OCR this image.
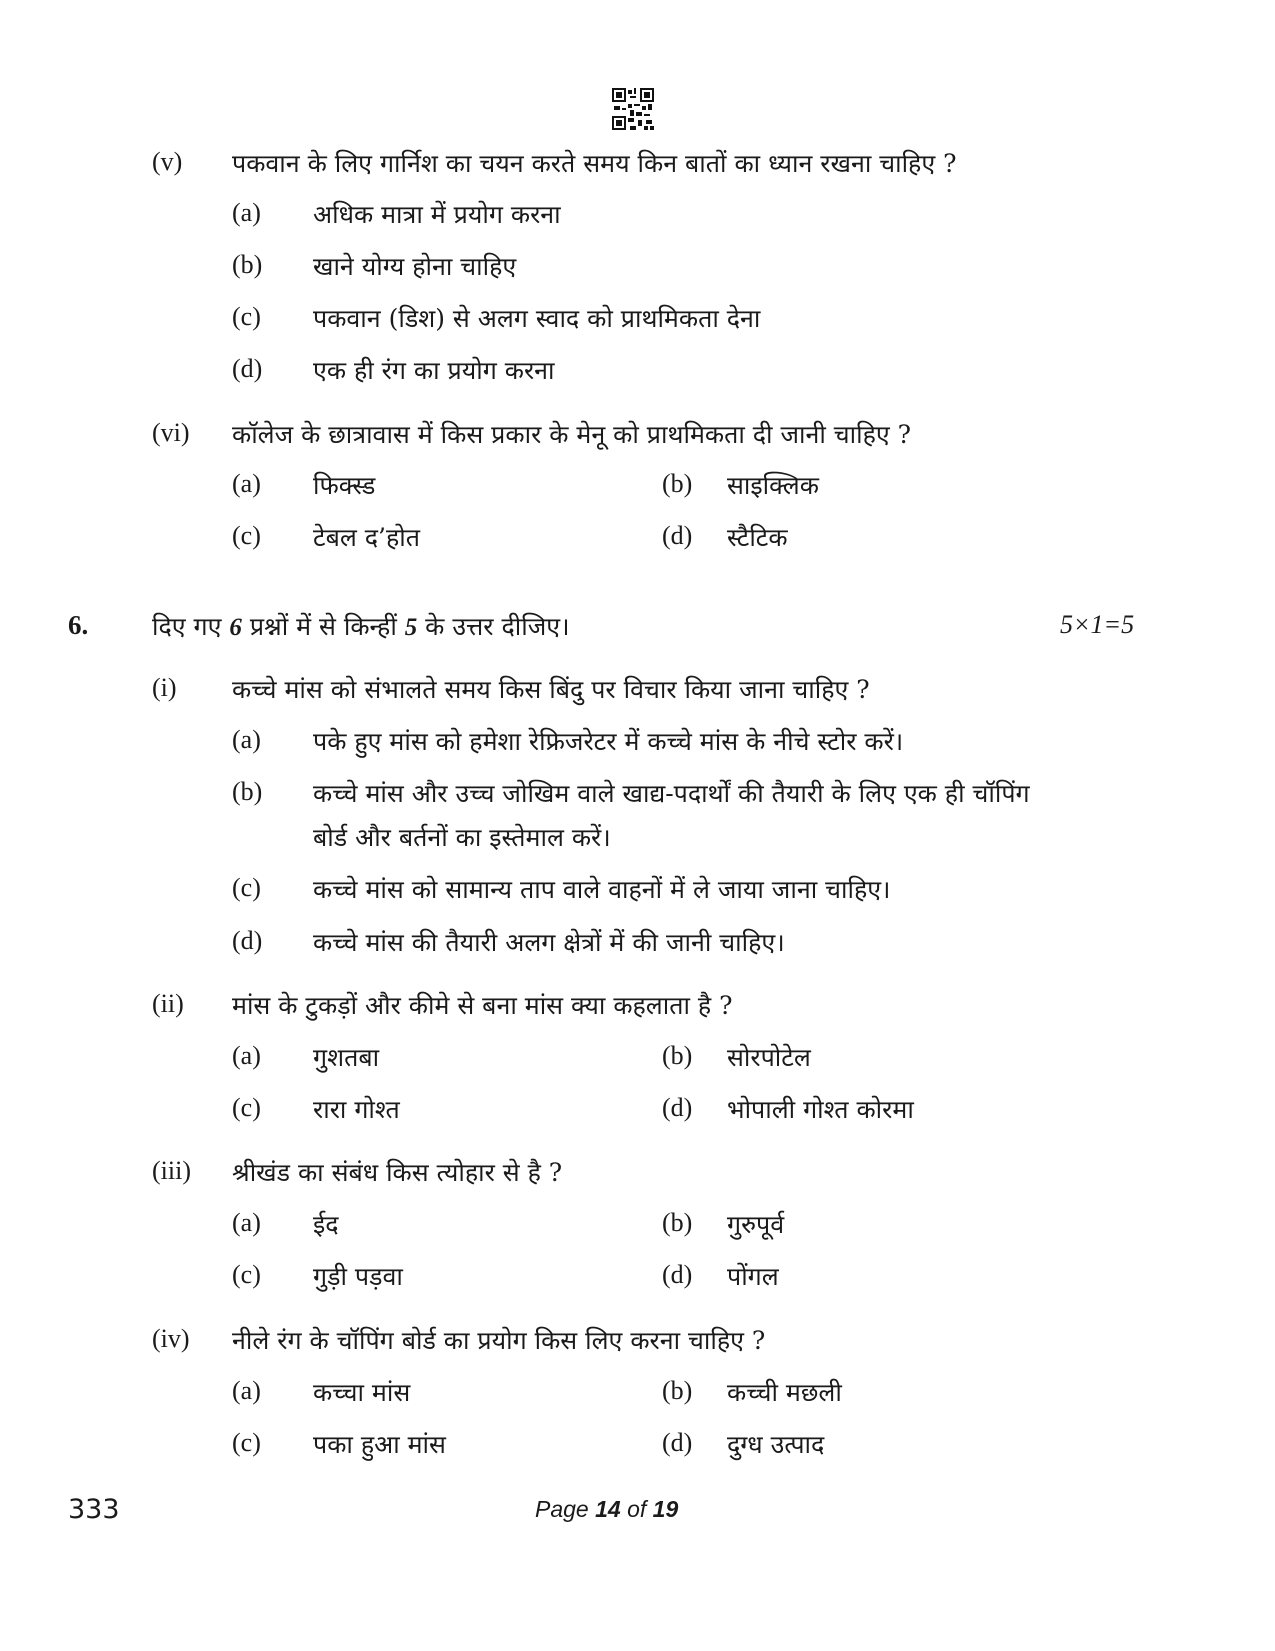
(v) पकवान के लिए गार्निश का चयन करते समय किन बातों का ध्यान रखना चाहिए ?
(a) अधिक मात्रा में प्रयोग करना
(b) खाने योग्य होना चाहिए
(c) पकवान (डिश) से अलग स्वाद को प्राथमिकता देना
(d) एक ही रंग का प्रयोग करना
(vi) कॉलेज के छात्रावास में किस प्रकार के मेनू को प्राथमिकता दी जानी चाहिए ?
(a) फिक्स्ड	(b) साइक्लिक
(c) टेबल द’होत	(d) स्टैटिक
6.	दिए गए 6 प्रश्नों में से किन्हीं 5 के उत्तर दीजिए।	5×1=5
(i) कच्चे मांस को संभालते समय किस बिंदु पर विचार किया जाना चाहिए ?
(a) पके हुए मांस को हमेशा रेफ्रिजरेटर में कच्चे मांस के नीचे स्टोर करें।
(b) कच्चे मांस और उच्च जोखिम वाले खाद्य-पदार्थों की तैयारी के लिए एक ही चॉपिंग
बोर्ड और बर्तनों का इस्तेमाल करें।
(c) कच्चे मांस को सामान्य ताप वाले वाहनों में ले जाया जाना चाहिए।
(d) कच्चे मांस की तैयारी अलग क्षेत्रों में की जानी चाहिए।
(ii) मांस के टुकड़ों और कीमे से बना मांस क्या कहलाता है ?
(a) गुशतबा	(b) सोरपोटेल
(c) रारा गोश्त	(d) भोपाली गोश्त कोरमा
(iii) श्रीखंड का संबंध किस त्योहार से है ?
(a) ईद	(b) गुरुपूर्व
(c) गुड़ी पड़वा	(d) पोंगल
(iv) नीले रंग के चॉपिंग बोर्ड का प्रयोग किस लिए करना चाहिए ?
(a) कच्चा मांस	(b) कच्ची मछली
(c) पका हुआ मांस	(d) दुग्ध उत्पाद
333	Page 14 of 19
